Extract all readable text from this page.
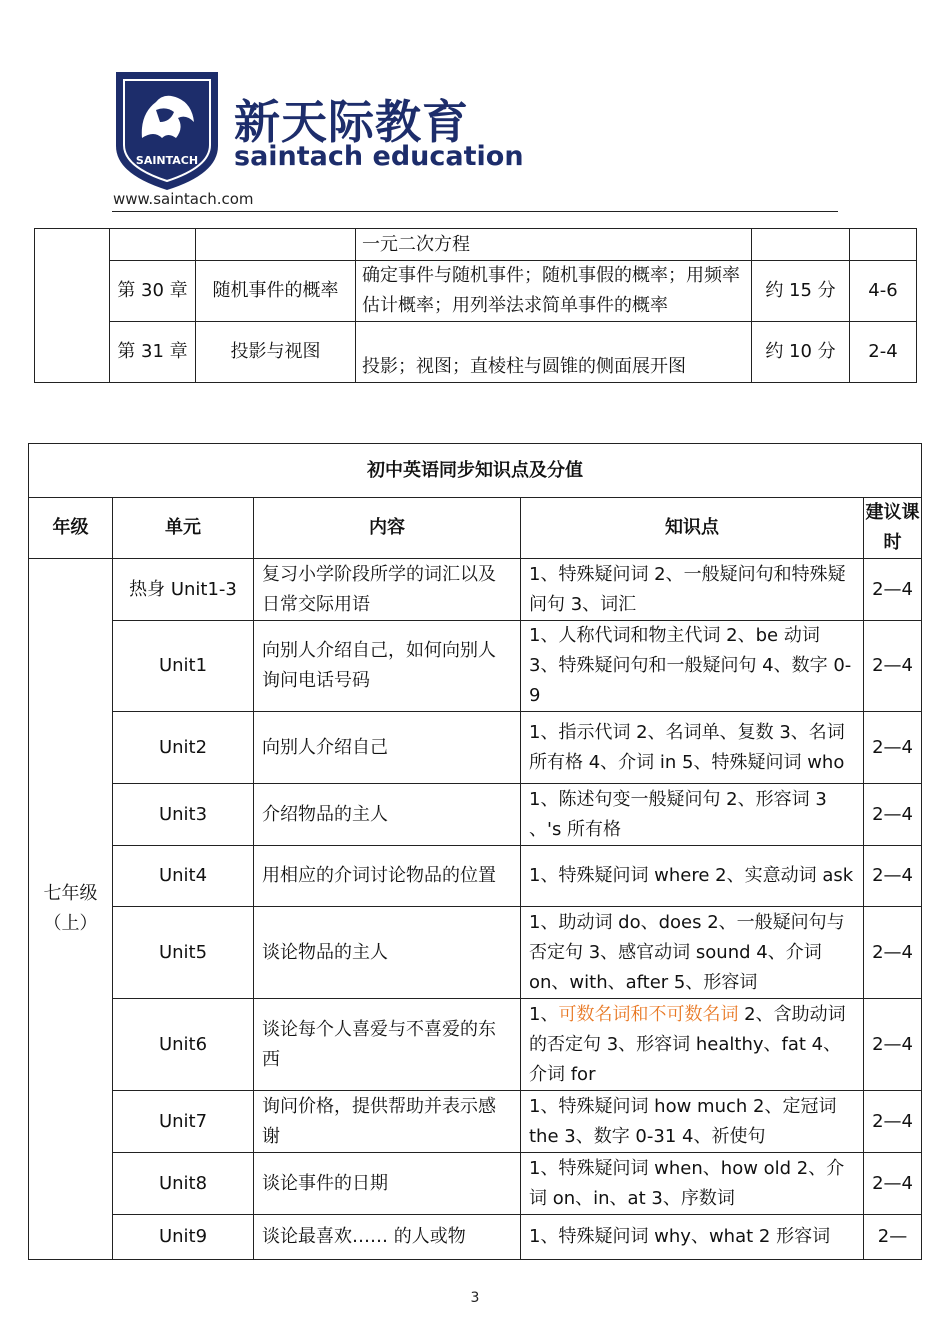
SAINTACH
新天际教育
saintach education
www.saintach.com
			一元二次方程		
	第 30 章	随机事件的概率	确定事件与随机事件；随机事假的概率；用频率估计概率；用列举法求简单事件的概率	约 15 分	4-6
	第 31 章	投影与视图	投影；视图；直棱柱与圆锥的侧面展开图	约 10 分	2-4
初中英语同步知识点及分值				
年级	单元	内容	知识点	建议课时
七年级（上）	热身 Unit1-3	复习小学阶段所学的词汇以及日常交际用语	1、特殊疑问词 2、一般疑问句和特殊疑问句 3、词汇	2—4
	Unit1	向别人介绍自己，如何向别人询问电话号码	1、人称代词和物主代词 2、be 动词 3、特殊疑问句和一般疑问句 4、数字 0-9	2—4
	Unit2	向别人介绍自己	1、指示代词 2、名词单、复数 3、名词所有格 4、介词 in 5、特殊疑问词 who	2—4
	Unit3	介绍物品的主人	1、陈述句变一般疑问句 2、形容词 3 、's 所有格	2—4
	Unit4	用相应的介词讨论物品的位置	1、特殊疑问词 where 2、实意动词 ask	2—4
	Unit5	谈论物品的主人	1、助动词 do、does 2、一般疑问句与否定句 3、感官动词 sound 4、介词 on、with、after 5、形容词	2—4
	Unit6	谈论每个人喜爱与不喜爱的东西	1、可数名词和不可数名词 2、含助动词的否定句 3、形容词 healthy、fat 4、介词 for	2—4
	Unit7	询问价格，提供帮助并表示感谢	1、特殊疑问词 how much 2、定冠词 the 3、数字 0-31 4、祈使句	2—4
	Unit8	谈论事件的日期	1、特殊疑问词 when、how old 2、介词 on、in、at 3、序数词	2—4
	Unit9	谈论最喜欢…… 的人或物	1、特殊疑问词 why、what 2 形容词	2—
3
